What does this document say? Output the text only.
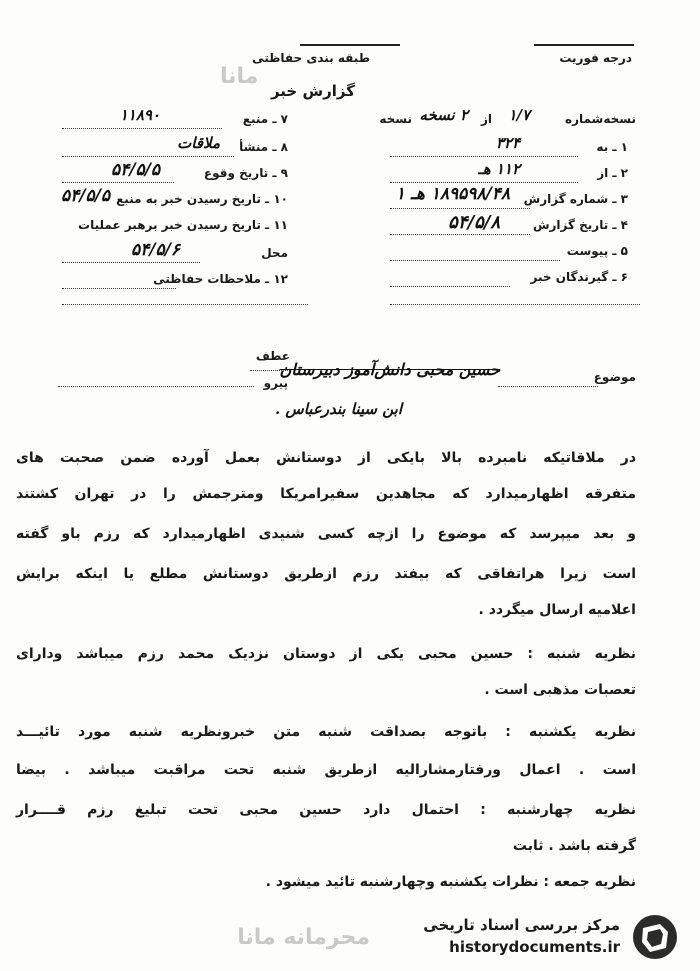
درجه فوریت
طبقه بندی حفاظتی
مانا
گزارش خبر
نسخه‌شماره
۱/۷
از
۲ نسخه
نسخه
۱ ـ به
۳۲۴
۲ ـ از
۱۱۲ هـ
۳ ـ شماره گزارش
۱۸۹۵۹۸/۴۸ هـ ۱
۴ ـ تاریخ گزارش
۵۴/۵/۸
۵ ـ پیوست
۶ ـ گیرندگان خبر
۷ ـ منبع
۱۱۸۹۰
۸ ـ منشأ
ملاقات
۹ ـ تاریخ وقوع
۵۴/۵/۵
۱۰ ـ تاریخ رسیدن خبر به منبع
۵۴/۵/۵
۱۱ ـ تاریخ رسیدن خبر برهبر عملیات
محل
۵۴/۵/۶
۱۲ ـ ملاحظات حفاظتی
موضوع
حسین محبی دانش‌آموز دبیرستان
عطف
پیرو
ابن سینا بندرعباس .
در ملاقاتیکه نامبرده بالا بایکی از دوستانش بعمل آورده ضمن صحبت های
متفرقه اظهارمیدارد که مجاهدین سفیرامریکا ومترجمش را در تهران کشتند
و بعد میپرسد که موضوع را ازچه کسی شنیدی اظهارمیدارد که رزم باو گفته
است زیرا هراتفاقی که بیفتد رزم ازطریق دوستانش مطلع یا اینکه برایش
اعلامیه ارسال میگردد .
نظریه شنبه : حسین محبی یکی از دوستان نزدیک محمد رزم میباشد ودارای
تعصبات مذهبی است .
نظریه یکشنبه : باتوجه بصداقت شنبه متن خبرونظریه شنبه مورد تائیـــد
است . اعمال ورفتارمشارالیه ازطریق شنبه تحت مراقبت میباشد . بیضا
نظریه چهارشنبه : احتمال دارد حسین محبی تحت تبلیغ رزم قــــرار
گرفته باشد . ثابت
نظریه جمعه : نظرات یکشنبه وچهارشنبه تائید میشود .
محرمانه مانا	مرکز بررسی اسناد تاریخی
historydocuments.ir
